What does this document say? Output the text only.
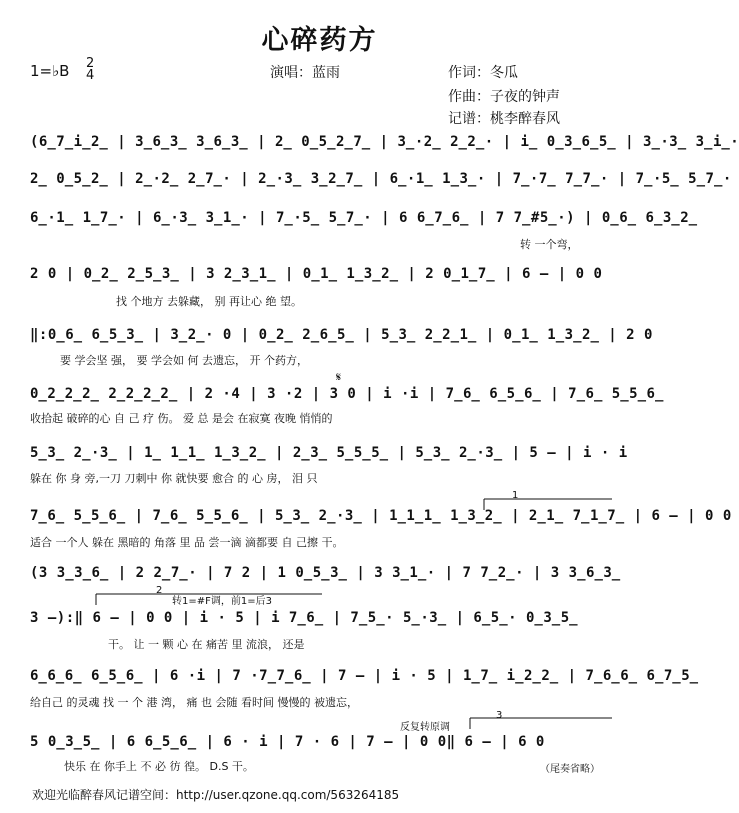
心碎药方
1=♭B 2
4	演唱：蓝雨	作词：冬瓜
作曲：子夜的钟声
记谱：桃李醉春风
(6̲7̲i̲2̲ | 3̲6̲3̲ 3̲6̲3̲ | 2̲ 0̲5̲2̲7̲ | 3̲·2̲ 2̲2̲· | i̲ 0̲3̲6̲5̲ | 3̲·3̲ 3̲i̲·
2̲ 0̲5̲2̲ | 2̲·2̲ 2̲7̲· | 2̲·3̲ 3̲2̲7̲ | 6̲·1̲ 1̲3̲· | 7̲·7̲ 7̲7̲· | 7̲·5̲ 5̲7̲·
6̲·1̲ 1̲7̲· | 6̲·3̲ 3̲1̲· | 7̲·5̲ 5̲7̲· | 6 6̲7̲6̲ | 7 7̲#5̲·) | 0̲6̲ 6̲3̲2̲
转 一个弯，
2 0 | 0̲2̲ 2̲5̲3̲ | 3 2̲3̲1̲ | 0̲1̲ 1̲3̲2̲ | 2 0̲1̲7̲ | 6 – | 0 0
找 个地方 去躲藏， 别 再让心 绝 望。
‖:0̲6̲ 6̲5̲3̲ | 3̲2̲· 0 | 0̲2̲ 2̲6̲5̲ | 5̲3̲ 2̲2̲1̲ | 0̲1̲ 1̲3̲2̲ | 2 0
要 学会坚 强， 要 学会如 何 去遗忘， 开 个药方，
0̲2̲2̲2̲ 2̲2̲2̲2̲ | 2 ·4 | 3 ·2 | 3 0 | i ·i | 7̲6̲ 6̲5̲6̲ | 7̲6̲ 5̲5̲6̲
𝄋
收拾起 破碎的心 自 己 疗 伤。 爱 总 是会 在寂寞 夜晚 悄悄的
5̲3̲ 2̲·3̲ | 1̲ 1̲1̲ 1̲3̲2̲ | 2̲3̲ 5̲5̲5̲ | 5̲3̲ 2̲·3̲ | 5 – | i · i
躲在 你 身 旁,一刀 刀刺中 你 就快要 愈合 的 心 房， 泪 只
1
7̲6̲ 5̲5̲6̲ | 7̲6̲ 5̲5̲6̲ | 5̲3̲ 2̲·3̲ | 1̲1̲1̲ 1̲3̲2̲ | 2̲1̲ 7̲1̲7̲ | 6 – | 0 0
适合 一个人 躲在 黑暗的 角落 里 品 尝一滴 滴都要 自 己擦 干。
(3 3̲3̲6̲ | 2 2̲7̲· | 7 2 | 1 0̲5̲3̲ | 3 3̲1̲· | 7 7̲2̲· | 3 3̲6̲3̲
2
转1=#F调，前1=后3
3 –):‖ 6 – | 0 0 | i · 5 | i 7̲6̲ | 7̲5̲· 5̲·3̲ | 6̲5̲· 0̲3̲5̲
干。 让 一 颗 心 在 痛苦 里 流浪， 还是
6̲6̲6̲ 6̲5̲6̲ | 6 ·i | 7 ·7̲7̲6̲ | 7 – | i · 5 | 1̲7̲ i̲2̲2̲ | 7̲6̲6̲ 6̲7̲5̲
给自己 的灵魂 找 一 个 港 湾， 痛 也 会随 看时间 慢慢的 被遗忘，
反复转原调
3
5 0̲3̲5̲ | 6 6̲5̲6̲ | 6 · i | 7 · 6 | 7 – | 0 0‖ 6 – | 6 0
快乐 在 你手上 不 必 彷 徨。 D.S 干。	（尾奏省略）
欢迎光临醉春风记谱空间：http://user.qzone.qq.com/563264185
